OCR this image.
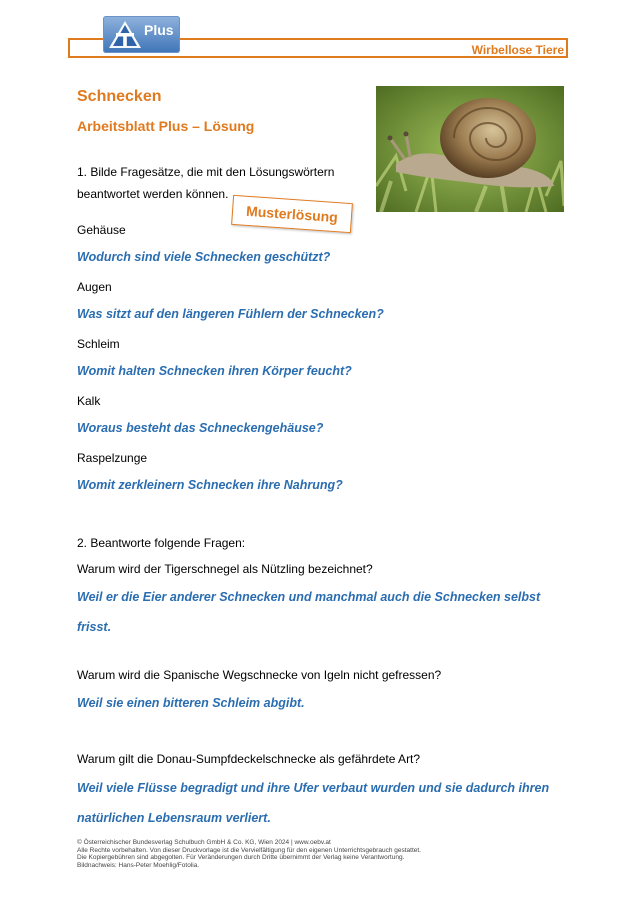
Plus
Wirbellose Tiere
Schnecken
Arbeitsblatt Plus – Lösung
Musterlösung
1. Bilde Fragesätze, die mit den Lösungswörtern
beantwortet werden können.
Gehäuse
Wodurch sind viele Schnecken geschützt?
Augen
Was sitzt auf den längeren Fühlern der Schnecken?
Schleim
Womit halten Schnecken ihren Körper feucht?
Kalk
Woraus besteht das Schneckengehäuse?
Raspelzunge
Womit zerkleinern Schnecken ihre Nahrung?
2. Beantworte folgende Fragen:
Warum wird der Tigerschnegel als Nützling bezeichnet?
Weil er die Eier anderer Schnecken und manchmal auch die Schnecken selbst
frisst.
Warum wird die Spanische Wegschnecke von Igeln nicht gefressen?
Weil sie einen bitteren Schleim abgibt.
Warum gilt die Donau-Sumpfdeckelschnecke als gefährdete Art?
Weil viele Flüsse begradigt und ihre Ufer verbaut wurden und sie dadurch ihren
natürlichen Lebensraum verliert.
© Österreichischer Bundesverlag Schulbuch GmbH & Co. KG, Wien 2024 | www.oebv.at
Alle Rechte vorbehalten. Von dieser Druckvorlage ist die Vervielfältigung für den eigenen Unterrichtsgebrauch gestattet.
Die Kopiergebühren sind abgegolten. Für Veränderungen durch Dritte übernimmt der Verlag keine Verantwortung.
Bildnachweis: Hans-Peter Moehlig/Fotolia.
